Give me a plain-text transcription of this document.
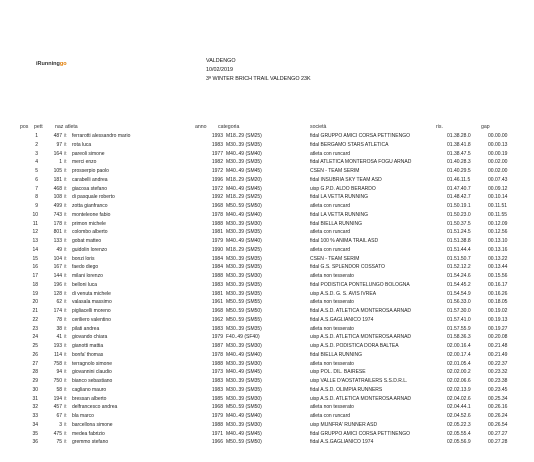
iRunninggo	VALDENGO
10/02/2019
3ª WINTER BRICH TRAIL VALDENGO 23K
pos pett naz atleta	anno categoria	società	ris.	gap
1	487 it	ferrarotti alessandro mario	1993 M18..29 (SM25)	fidal GRUPPO AMICI CORSA PETTINENGO	01.38.28.0	00.00.00
2	97 it	rota luca	1983 M30..39 (SM35)	fidal BERGAMO STARS ATLETICA	01.38.41.8	00.00.13
3	164 it	pareoli simone	1977 M40..49 (SM40)	atleta con runcard	01.38.47.5	00.00.19
4	1 it	merci enzo	1982 M30..39 (SM35)	fidal ATLETICA MONTEROSA FOGU ARNAD	01.40.28.3	00.02.00
5	105 it	prosserpio paolo	1972 M40..49 (SM45)	CSEN - TEAM SERIM	01.40.29.5	00.02.00
6	181 it	carabelli andrea	1996 M18..29 (SM20)	fidal INSUBRIA SKY TEAM ASD	01.46.11.5	00.07.43
7	468 it	giacosa stefano	1972 M40..49 (SM45)	uisp G.P.D. ALDO BERARDO	01.47.40.7	00.09.12
8	108 it	di pasquale roberto	1992 M18..29 (SM25)	fidal LA VETTA RUNNING	01.48.42.7	00.10.14
9	499 it	zotta gianfranco	1968 M50..59 (SM50)	atleta con runcard	01.50.19.1	00.11.51
10	743 it	monteleone fabio	1978 M40..49 (SM40)	fidal LA VETTA RUNNING	01.50.23.0	00.11.55
11	178 it	primon michele	1988 M30..39 (SM30)	fidal BIELLA RUNNING	01.50.37.5	00.12.09
12	801 it	colombo alberto	1981 M30..39 (SM35)	atleta con runcard	01.51.24.5	00.12.56
13	133 it	gobat matteo	1979 M40..49 (SM40)	fidal 100 % ANIMA TRAIL ASD	01.51.38.8	00.13.10
14	49 it	guidolin lorenzo	1990 M18..29 (SM25)	atleta con runcard	01.51.44.4	00.13.16
15	104 it	bonzi loris	1984 M30..39 (SM35)	CSEN - TEAM SERIM	01.51.50.7	00.13.22
16	167 it	faedo diego	1984 M30..39 (SM35)	fidal G.S. SPLENDOR COSSATO	01.52.12.2	00.13.44
17	144 it	milani lorenzo	1988 M30..39 (SM30)	atleta non tesserato	01.54.24.6	00.15.56
18	196 it	belloni luca	1983 M30..39 (SM35)	fidal PODISTICA PONTELUNGO BOLOGNA	01.54.45.2	00.16.17
19	128 it	di venuta michele	1981 M30..39 (SM35)	uisp A.S.D. G. S. AVIS IVREA	01.54.54.9	00.16.26
20	62 it	valasala massimo	1961 M50..59 (SM55)	atleta non tesserato	01.56.33.0	00.18.05
21	174 it	pigliacelli moreno	1968 M50..59 (SM50)	fidal A.S.D. ATLETICA MONTEROSA ARNAD	01.57.30.0	00.19.02
22	78 it	ceriliero valentino	1962 M50..59 (SM55)	fidal A.S.GAGLIANICO 1974	01.57.41.0	00.19.13
23	38 it	pilati andrea	1983 M30..39 (SM35)	atleta non tesserato	01.57.55.9	00.19.27
24	41 it	giovando chiara	1979 F40..49 (SF40)	uisp A.S.D. ATLETICA MONTEROSA ARNAD	01.58.36.3	00.20.08
25	193 it	gianotti mattia	1987 M30..39 (SM30)	uisp A.S.D. PODISTICA DORA BALTEA	02.00.16.4	00.21.48
26	114 it	bonfa' thomas	1978 M40..49 (SM40)	fidal BIELLA RUNNING	02.00.17.4	00.21.49
27	758 it	terragnolo simone	1988 M30..39 (SM30)	atleta non tesserato	02.01.05.4	00.22.37
28	94 it	giovannini claudio	1973 M40..49 (SM45)	uisp POL. DIL. BAIRESE	02.02.00.2	00.23.32
29	750 it	bianco sebastiano	1983 M30..39 (SM35)	uisp VALLE D'AOSTATRAILERS S.S.D.R.L.	02.02.06.6	00.23.38
30	58 it	cagliano mauro	1983 M30..39 (SM35)	fidal A.S.D. OLIMPIA RUNNERS	02.02.13.9	00.23.45
31	194 it	bressan alberto	1985 M30..39 (SM30)	uisp A.S.D. ATLETICA MONTEROSA ARNAD	02.04.02.6	00.25.34
32	457 it	delfrancesco andrea	1968 M50..59 (SM50)	atleta non tesserato	02.04.44.1	00.26.16
33	67 it	bla marco	1979 M40..49 (SM40)	atleta con runcard	02.04.52.6	00.26.24
34	3 it	barcellona simone	1988 M30..39 (SM30)	uisp MUNFRA' RUNNER ASD	02.05.22.3	00.26.54
35	475 it	medea fabrizio	1971 M40..49 (SM45)	fidal GRUPPO AMICI CORSA PETTINENGO	02.05.55.4	00.27.27
36	75 it	gremmo stefano	1966 M50..59 (SM50)	fidal A.S.GAGLIANICO 1974	02.05.56.9	00.27.28
